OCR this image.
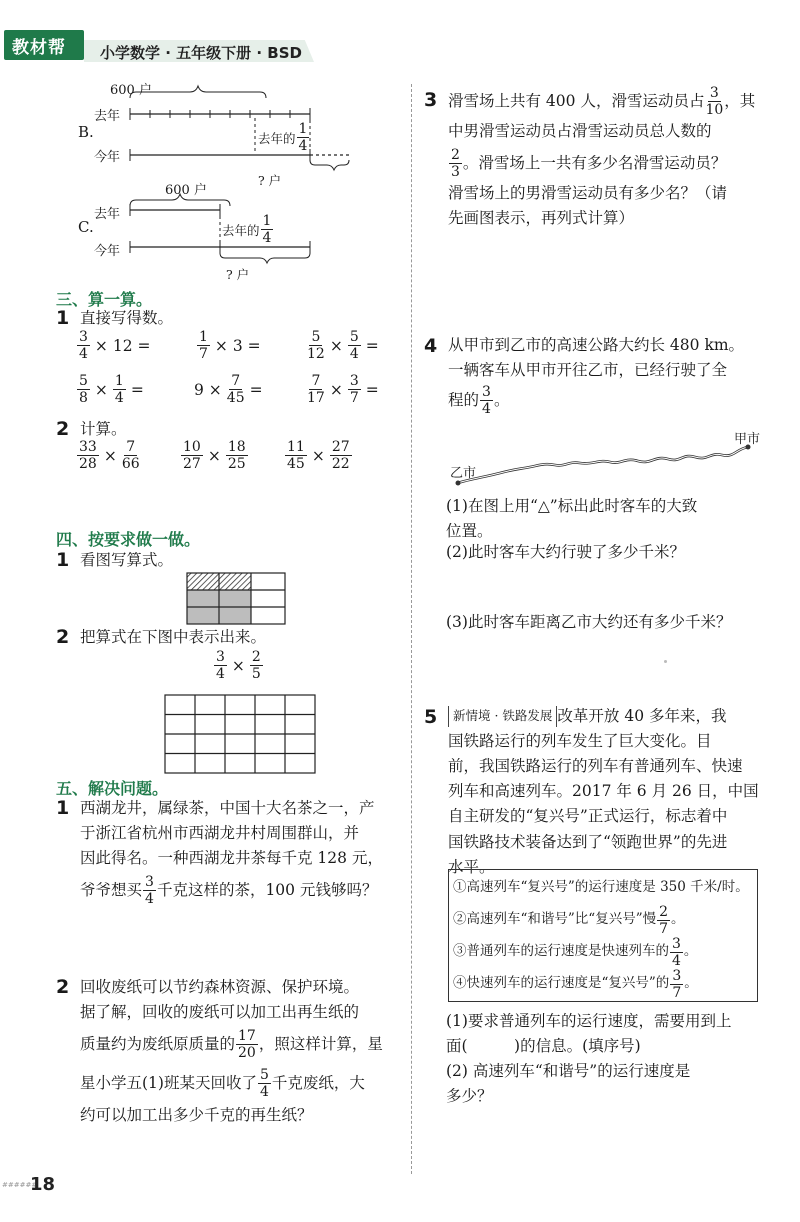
教材帮 小学数学 · 五年级下册 · BSD
600 户
去年
B.
今年
去年的 $\frac{1}{4}$
? 户
600 户
去年
C.
今年
去年的 $\frac{1}{4}$
? 户
三、算一算。
1 直接写得数。
$\frac{3}{4} \times 12$ =	$\frac{1}{7} \times 3$ =	$\frac{5}{12} \times \frac{5}{4}$ =
$\frac{5}{8} \times \frac{1}{4}$ =	$9 \times \frac{7}{45}$ =	$\frac{7}{17} \times \frac{3}{7}$ =
2 计算。
$\frac{33}{28} \times \frac{7}{66}$	$\frac{10}{27} \times \frac{18}{25}$	$\frac{11}{45} \times \frac{27}{22}$
四、按要求做一做。
1 看图写算式。
2 把算式在下图中表示出来。
$\frac{3}{4} \times \frac{2}{5}$
五、解决问题。
1 西湖龙井，属绿茶，中国十大名茶之一，产
于浙江省杭州市西湖龙井村周围群山，并
因此得名。一种西湖龙井茶每千克 128 元，
爷爷想买 $\frac{3}{4}$ 千克这样的茶，100 元钱够吗？
2 回收废纸可以节约森林资源、保护环境。
据了解，回收的废纸可以加工出再生纸的
质量约为废纸原质量的 $\frac{17}{20}$ ，照这样计算，星
星小学五(1)班某天回收了 $\frac{5}{4}$ 千克废纸，大
约可以加工出多少千克的再生纸？
3 滑雪场上共有 400 人，滑雪运动员占 $\frac{3}{10}$ ，其
中男滑雪运动员占滑雪运动员总人数的
$\frac{2}{3}$ 。滑雪场上一共有多少名滑雪运动员？
滑雪场上的男滑雪运动员有多少名？（请
先画图表示，再列式计算）
4 从甲市到乙市的高速公路大约长 480 km。
一辆客车从甲市开往乙市，已经行驶了全
程的 $\frac{3}{4}$ 。
甲市
乙市
(1)在图上用“△”标出此时客车的大致
位置。
(2)此时客车大约行驶了多少千米？
(3)此时客车距离乙市大约还有多少千米？
5	新情境 · 铁路发展 改革开放 40 多年来，我
国铁路运行的列车发生了巨大变化。目
前，我国铁路运行的列车有普通列车、快速
列车和高速列车。2017 年 6 月 26 日，中国
自主研发的“复兴号”正式运行，标志着中
国铁路技术装备达到了“领跑世界”的先进
水平。
①高速列车“复兴号”的运行速度是 350 千米/时。
②高速列车“和谐号”比“复兴号”慢 $\frac{2}{7}$ 。
③普通列车的运行速度是快速列车的 $\frac{3}{4}$ 。
④快速列车的运行速度是“复兴号”的 $\frac{3}{7}$ 。
(1)要求普通列车的运行速度，需要用到上
面(　　　)的信息。(填序号)
(2) 高速列车“和谐号”的运行速度是
多少？
######
18
